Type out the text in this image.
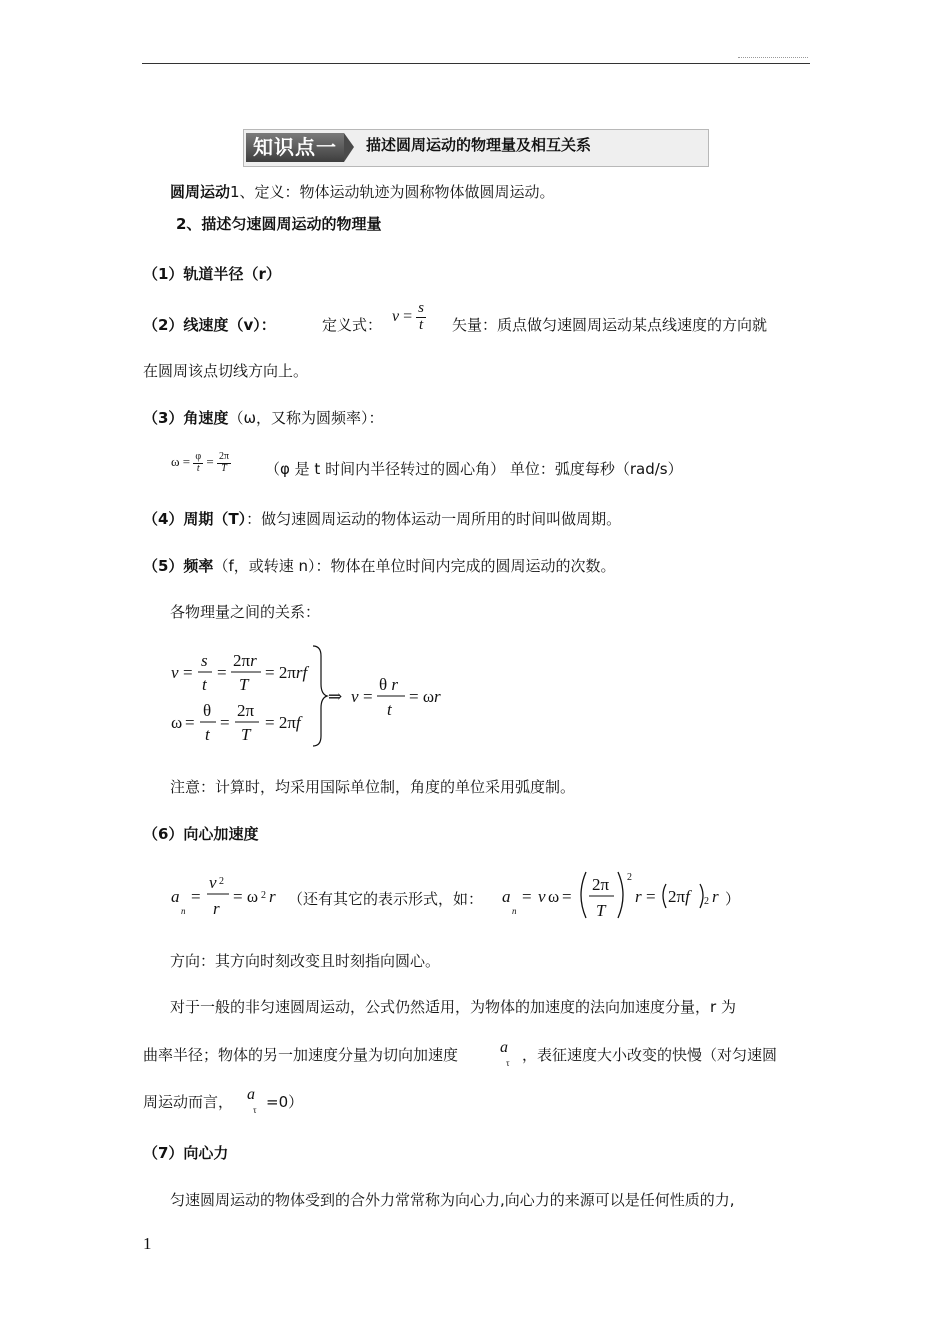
知识点一	描述圆周运动的物理量及相互关系
圆周运动1、定义：物体运动轨迹为圆称物体做圆周运动。
2、描述匀速圆周运动的物理量
（1）轨道半径（r）
（2）线速度（v）：	定义式： $v = \frac{s}{t}$ 矢量：质点做匀速圆周运动某点线速度的方向就
在圆周该点切线方向上。
（3）角速度（ω，又称为圆频率）：
$\omega = \frac{\varphi}{t} = \frac{2\pi}{T} (\varphi$ 是 t 时间内半径转过的圆心角） 单位：弧度每秒（rad/s）
（4）周期（T）：做匀速圆周运动的物体运动一周所用的时间叫做周期。
（5）频率（f，或转速 n）：物体在单位时间内完成的圆周运动的次数。
各物理量之间的关系：
v =
s
t
=
2πr
T
= 2πrf
ω =
θ
t
=
2π
T
= 2πf
⇒ v =
θ r
t
= ωr
注意：计算时，均采用国际单位制，角度的单位采用弧度制。
（6）向心加速度
a
n
=
v 2
r
= ω 2 r （还有其它的表示形式，如： a
n
= v ω =
2π
T
2
r = 2πf 2 r ）
方向：其方向时刻改变且时刻指向圆心。
对于一般的非匀速圆周运动，公式仍然适用，为物体的加速度的法向加速度分量，r 为
曲率半径；物体的另一加速度分量为切向加速度	$a_\tau$ ，表征速度大小改变的快慢（对匀速圆
周运动而言， $a_\tau =0$）
（7）向心力
匀速圆周运动的物体受到的合外力常常称为向心力,向心力的来源可以是任何性质的力,
1
